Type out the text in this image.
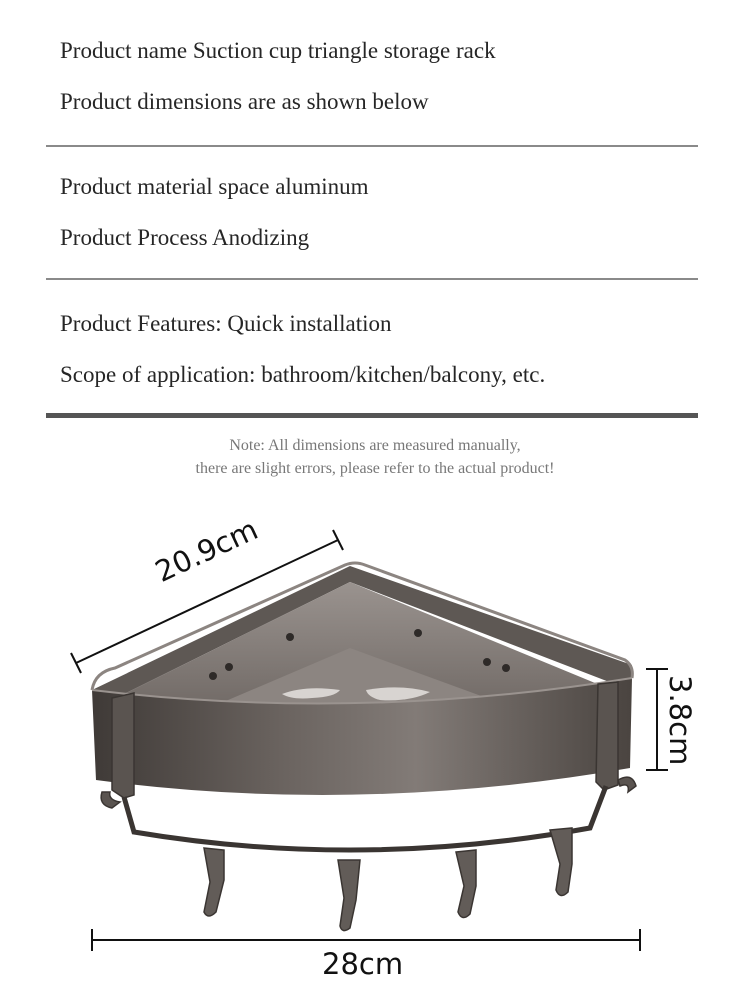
Product name Suction cup triangle storage rack
Product dimensions are as shown below
Product material space aluminum
Product Process Anodizing
Product Features: Quick installation
Scope of application: bathroom/kitchen/balcony, etc.
Note: All dimensions are measured manually,
there are slight errors, please refer to the actual product!
20.9cm
3.8cm
28cm
